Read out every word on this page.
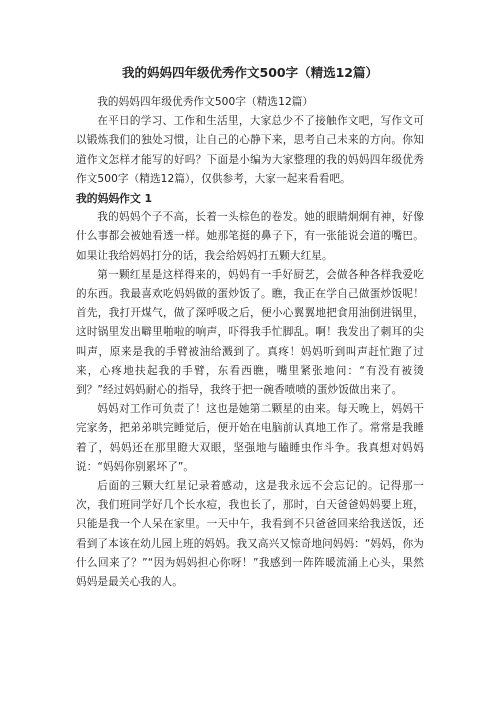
我的妈妈四年级优秀作文500字（精选12篇）

我的妈妈四年级优秀作文500字（精选12篇）

在平日的学习、工作和生活里，大家总少不了接触作文吧，写作文可以锻炼我们的独处习惯，让自己的心静下来，思考自己未来的方向。你知道作文怎样才能写的好吗？下面是小编为大家整理的我的妈妈四年级优秀作文500字（精选12篇），仅供参考，大家一起来看看吧。

我的妈妈作文 1

我的妈妈个子不高，长着一头棕色的卷发。她的眼睛炯炯有神，好像什么事都会被她看透一样。她那笔挺的鼻子下，有一张能说会道的嘴巴。如果让我给妈妈打分的话，我会给妈妈打五颗大红星。

第一颗红星是这样得来的，妈妈有一手好厨艺，会做各种各样我爱吃的东西。我最喜欢吃妈妈做的蛋炒饭了。瞧，我正在学自己做蛋炒饭呢！首先，我打开煤气，做了深呼吸之后，便小心翼翼地把食用油倒进锅里，这时锅里发出噼里啪啦的响声，吓得我手忙脚乱。啊！我发出了刺耳的尖叫声，原来是我的手臂被油给溅到了。真疼！妈妈听到叫声赶忙跑了过来，心疼地扶起我的手臂，东看西瞧，嘴里紧张地问：“有没有被烫到？”经过妈妈耐心的指导，我终于把一碗香喷喷的蛋炒饭做出来了。

妈妈对工作可负责了！这也是她第二颗星的由来。每天晚上，妈妈干完家务，把弟弟哄完睡觉后，便开始在电脑前认真地工作了。常常是我睡着了，妈妈还在那里瞪大双眼，坚强地与瞌睡虫作斗争。我真想对妈妈说：“妈妈你别累坏了”。

后面的三颗大红星记录着感动，这是我永远不会忘记的。记得那一次，我们班同学好几个长水痘，我也长了，那时，白天爸爸妈妈要上班，只能是我一个人呆在家里。一天中午，我看到不只爸爸回来给我送饭，还看到了本该在幼儿园上班的妈妈。我又高兴又惊奇地问妈妈：“妈妈，你为什么回来了？”“因为妈妈担心你呀！”我感到一阵阵暖流涌上心头，果然妈妈是最关心我的人。
